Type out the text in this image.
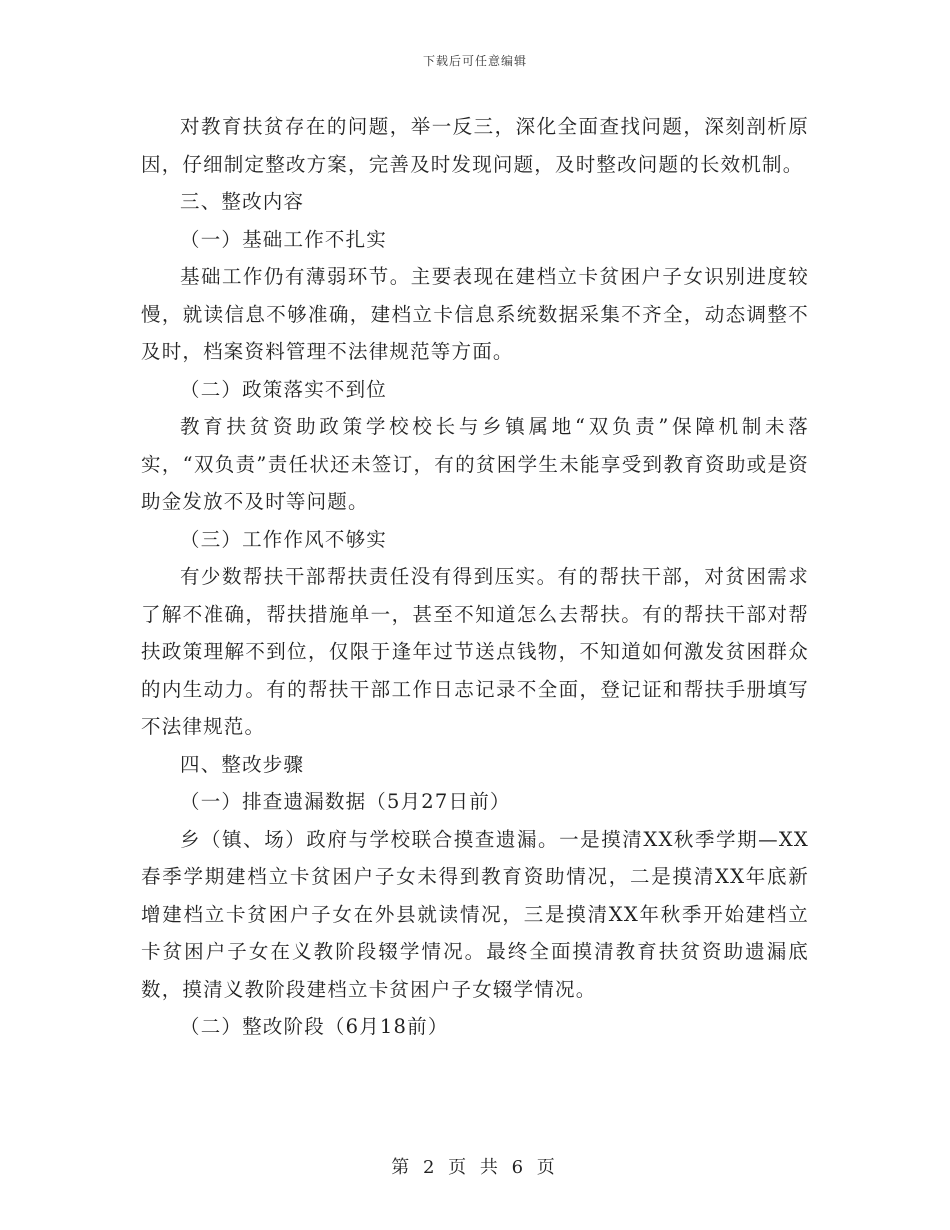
下载后可任意编辑

对教育扶贫存在的问题，举一反三，深化全面查找问题，深刻剖析原因，仔细制定整改方案，完善及时发现问题，及时整改问题的长效机制。

三、整改内容

（一）基础工作不扎实

基础工作仍有薄弱环节。主要表现在建档立卡贫困户子女识别进度较慢，就读信息不够准确，建档立卡信息系统数据采集不齐全，动态调整不及时，档案资料管理不法律规范等方面。

（二）政策落实不到位

教育扶贫资助政策学校校长与乡镇属地“双负责”保障机制未落实，“双负责”责任状还未签订，有的贫困学生未能享受到教育资助或是资助金发放不及时等问题。

（三）工作作风不够实

有少数帮扶干部帮扶责任没有得到压实。有的帮扶干部，对贫困需求了解不准确，帮扶措施单一，甚至不知道怎么去帮扶。有的帮扶干部对帮扶政策理解不到位，仅限于逢年过节送点钱物，不知道如何激发贫困群众的内生动力。有的帮扶干部工作日志记录不全面，登记证和帮扶手册填写不法律规范。

四、整改步骤

（一）排查遗漏数据（5月27日前）

乡（镇、场）政府与学校联合摸查遗漏。一是摸清XX秋季学期—XX春季学期建档立卡贫困户子女未得到教育资助情况，二是摸清XX年底新增建档立卡贫困户子女在外县就读情况，三是摸清XX年秋季开始建档立卡贫困户子女在义教阶段辍学情况。最终全面摸清教育扶贫资助遗漏底数，摸清义教阶段建档立卡贫困户子女辍学情况。

（二）整改阶段（6月18前）

第 2 页 共 6 页
